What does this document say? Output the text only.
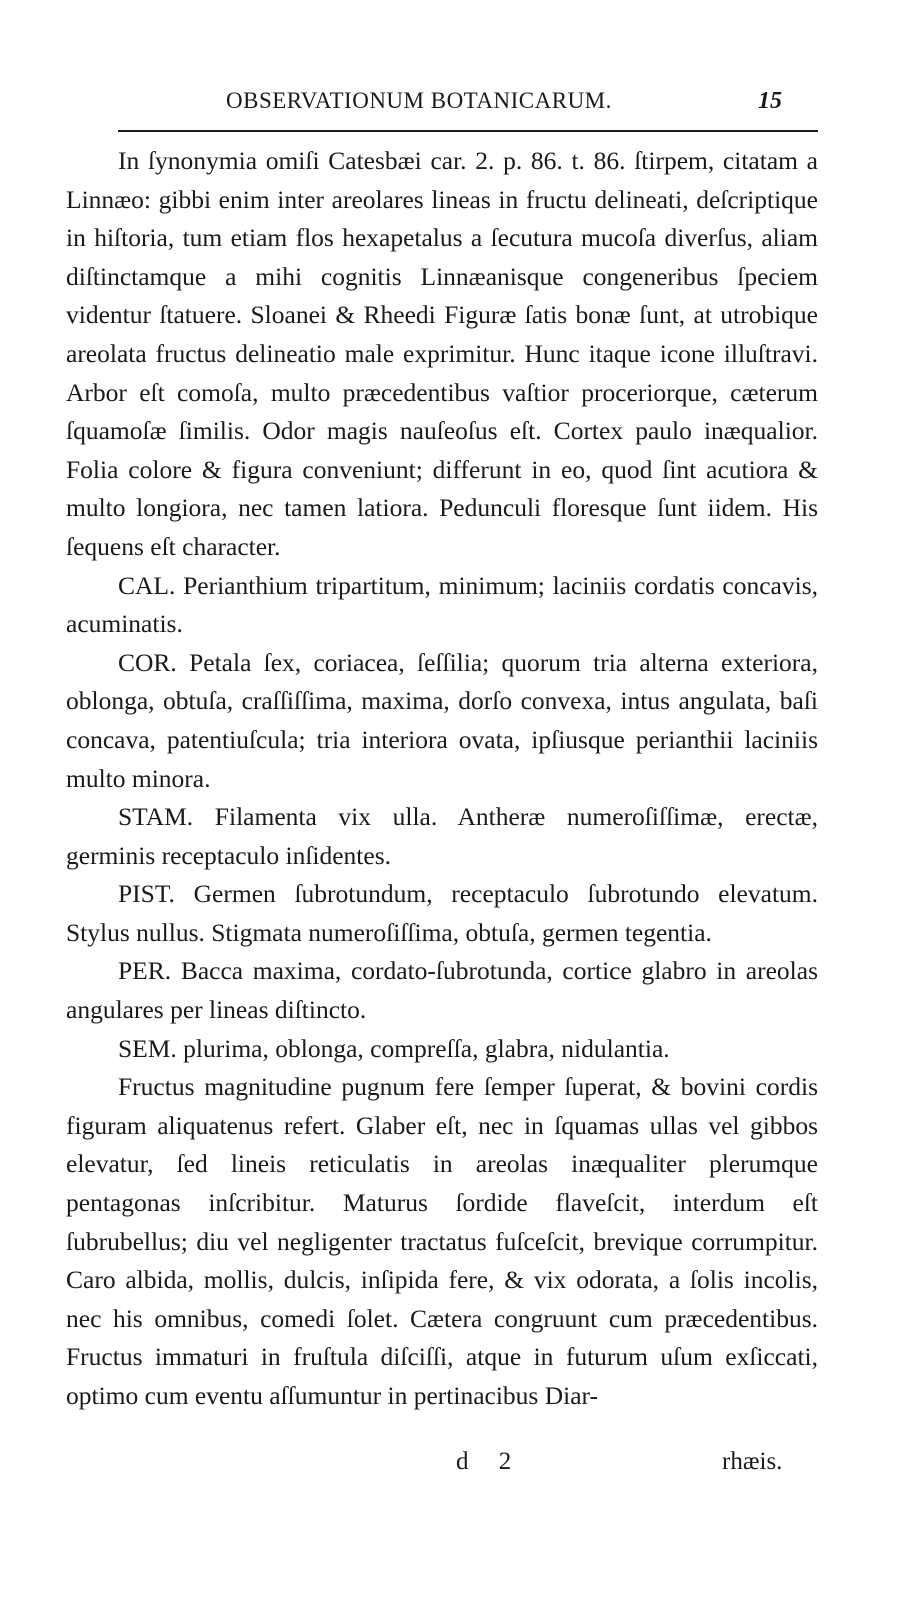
OBSERVATIONUM BOTANICARUM.	15

In ſynonymia omiſi Catesbæi car. 2. p. 86. t. 86. ſtirpem, citatam a Linnæo: gibbi enim inter areolares lineas in fructu delineati, deſcriptique in hiſtoria, tum etiam flos hexapetalus a ſecutura mucoſa diverſus, aliam diſtinctamque a mihi cognitis Linnæanisque congeneribus ſpeciem videntur ſtatuere. Sloanei & Rheedi Figuræ ſatis bonæ ſunt, at utrobique areolata fructus delineatio male exprimitur. Hunc itaque icone illuſtravi. Arbor eſt comoſa, multo præcedentibus vaſtior proceriorque, cæterum ſquamoſæ ſimilis. Odor magis nauſeoſus eſt. Cortex paulo inæqualior. Folia colore & figura conveniunt; differunt in eo, quod ſint acutiora & multo longiora, nec tamen latiora. Pedunculi floresque ſunt iidem. His ſequens eſt character.

CAL. Perianthium tripartitum, minimum; laciniis cordatis concavis, acuminatis.

COR. Petala ſex, coriacea, ſeſſilia; quorum tria alterna exteriora, oblonga, obtuſa, craſſiſſima, maxima, dorſo convexa, intus angulata, baſi concava, patentiuſcula; tria interiora ovata, ipſiusque perianthii laciniis multo minora.

STAM. Filamenta vix ulla. Antheræ numeroſiſſimæ, erectæ, germinis receptaculo inſidentes.

PIST. Germen ſubrotundum, receptaculo ſubrotundo elevatum. Stylus nullus. Stigmata numeroſiſſima, obtuſa, germen tegentia.

PER. Bacca maxima, cordato-ſubrotunda, cortice glabro in areolas angulares per lineas diſtincto.

SEM. plurima, oblonga, compreſſa, glabra, nidulantia.

Fructus magnitudine pugnum fere ſemper ſuperat, & bovini cordis figuram aliquatenus refert. Glaber eſt, nec in ſquamas ullas vel gibbos elevatur, ſed lineis reticulatis in areolas inæqualiter plerumque pentagonas inſcribitur. Maturus ſordide flaveſcit, interdum eſt ſubrubellus; diu vel negligenter tractatus fuſceſcit, brevique corrumpitur. Caro albida, mollis, dulcis, inſipida fere, & vix odorata, a ſolis incolis, nec his omnibus, comedi ſolet. Cætera congruunt cum præcedentibus. Fructus immaturi in fruſtula diſciſſi, atque in futurum uſum exſiccati, optimo cum eventu aſſumuntur in pertinacibus Diar-

d 2	rhæis.
